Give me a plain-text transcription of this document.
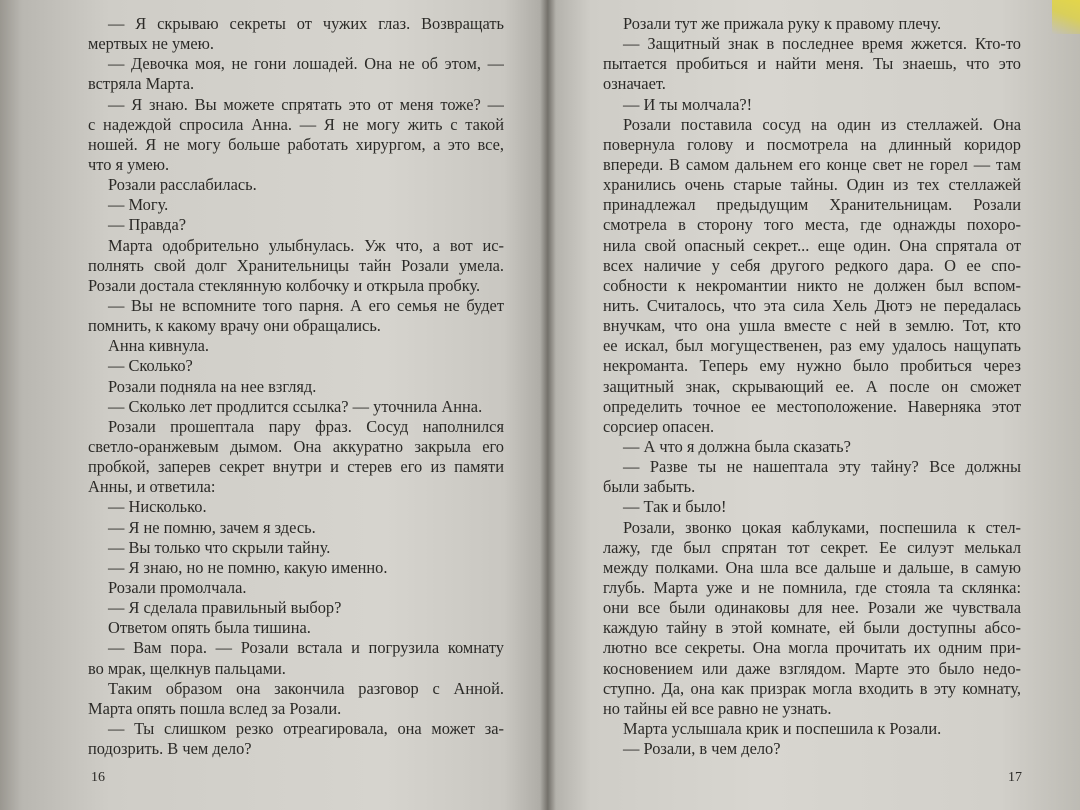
— Я скрываю секреты от чужих глаз. Возвращать
мертвых не умею.
— Девочка моя, не гони лошадей. Она не об этом, —
встряла Марта.
— Я знаю. Вы можете спрятать это от меня тоже? —
с надеждой спросила Анна. — Я не могу жить с такой
ношей. Я не могу больше работать хирургом, а это все,
что я умею.
Розали расслабилась.
— Могу.
— Правда?
Марта одобрительно улыбнулась. Уж что, а вот ис-
полнять свой долг Хранительницы тайн Розали умела.
Розали достала стеклянную колбочку и открыла пробку.
— Вы не вспомните того парня. А его семья не будет
помнить, к какому врачу они обращались.
Анна кивнула.
— Сколько?
Розали подняла на нее взгляд.
— Сколько лет продлится ссылка? — уточнила Анна.
Розали прошептала пару фраз. Сосуд наполнился
светло-оранжевым дымом. Она аккуратно закрыла его
пробкой, заперев секрет внутри и стерев его из памяти
Анны, и ответила:
— Нисколько.
— Я не помню, зачем я здесь.
— Вы только что скрыли тайну.
— Я знаю, но не помню, какую именно.
Розали промолчала.
— Я сделала правильный выбор?
Ответом опять была тишина.
— Вам пора. — Розали встала и погрузила комнату
во мрак, щелкнув пальцами.
Таким образом она закончила разговор с Анной.
Марта опять пошла вслед за Розали.
— Ты слишком резко отреагировала, она может за-
подозрить. В чем дело?
16
Розали тут же прижала руку к правому плечу.
— Защитный знак в последнее время жжется. Кто-то
пытается пробиться и найти меня. Ты знаешь, что это
означает.
— И ты молчала?!
Розали поставила сосуд на один из стеллажей. Она
повернула голову и посмотрела на длинный коридор
впереди. В самом дальнем его конце свет не горел — там
хранились очень старые тайны. Один из тех стеллажей
принадлежал предыдущим Хранительницам. Розали
смотрела в сторону того места, где однажды похоро-
нила свой опасный секрет... еще один. Она спрятала от
всех наличие у себя другого редкого дара. О ее спо-
собности к некромантии никто не должен был вспом-
нить. Считалось, что эта сила Хель Дютэ не передалась
внучкам, что она ушла вместе с ней в землю. Тот, кто
ее искал, был могущественен, раз ему удалось нащупать
некроманта. Теперь ему нужно было пробиться через
защитный знак, скрывающий ее. А после он сможет
определить точное ее местоположение. Наверняка этот
сорсиер опасен.
— А что я должна была сказать?
— Разве ты не нашептала эту тайну? Все должны
были забыть.
— Так и было!
Розали, звонко цокая каблуками, поспешила к стел-
лажу, где был спрятан тот секрет. Ее силуэт мелькал
между полками. Она шла все дальше и дальше, в самую
глубь. Марта уже и не помнила, где стояла та склянка:
они все были одинаковы для нее. Розали же чувствала
каждую тайну в этой комнате, ей были доступны абсо-
лютно все секреты. Она могла прочитать их одним при-
косновением или даже взглядом. Марте это было недо-
ступно. Да, она как призрак могла входить в эту комнату,
но тайны ей все равно не узнать.
Марта услышала крик и поспешила к Розали.
— Розали, в чем дело?
17
